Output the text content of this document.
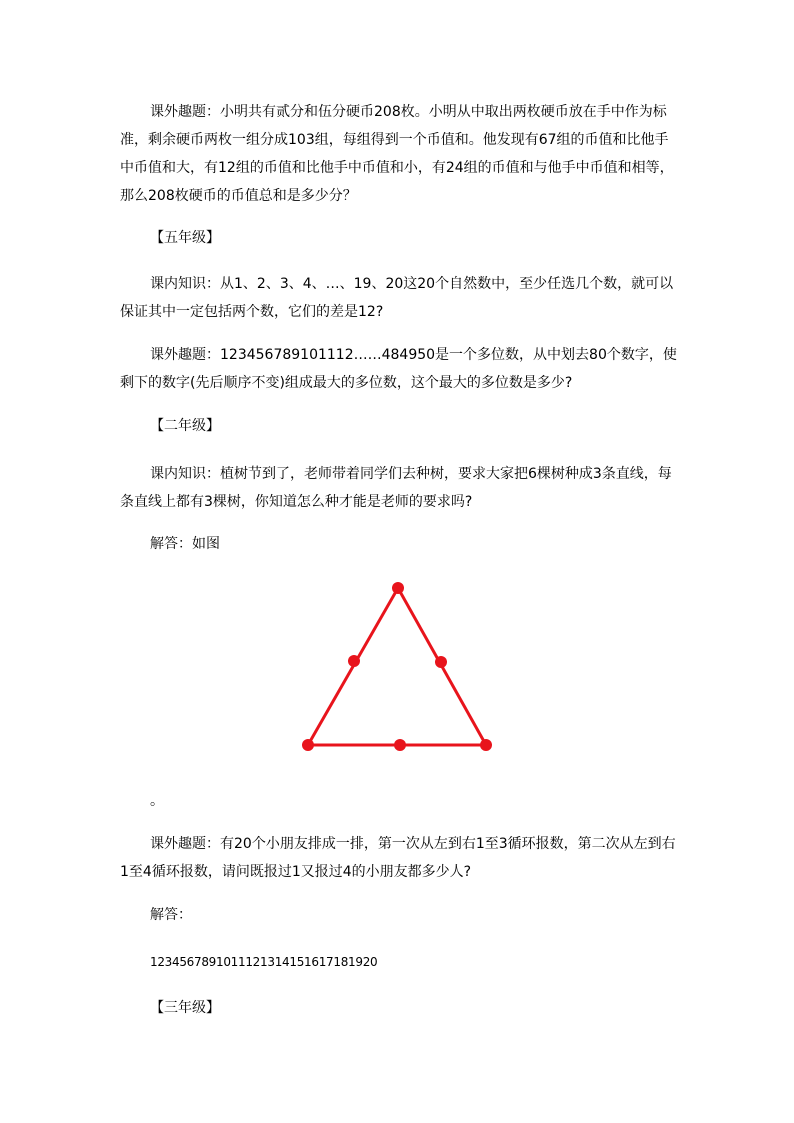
课外趣题：小明共有贰分和伍分硬币208枚。小明从中取出两枚硬币放在手中作为标准，剩余硬币两枚一组分成103组，每组得到一个币值和。他发现有67组的币值和比他手中币值和大，有12组的币值和比他手中币值和小，有24组的币值和与他手中币值和相等，那么208枚硬币的币值总和是多少分？

【五年级】

课内知识：从1、2、3、4、…、19、20这20个自然数中，至少任选几个数，就可以保证其中一定包括两个数，它们的差是12?

课外趣题：123456789101112……484950是一个多位数，从中划去80个数字，使剩下的数字(先后顺序不变)组成最大的多位数，这个最大的多位数是多少?

【二年级】

课内知识：植树节到了，老师带着同学们去种树，要求大家把6棵树种成3条直线，每条直线上都有3棵树，你知道怎么种才能是老师的要求吗?

解答：如图
。

课外趣题：有20个小朋友排成一排，第一次从左到右1至3循环报数，第二次从左到右1至4循环报数，请问既报过1又报过4的小朋友都多少人?

解答：
1234567891011121314151617181920
【三年级】
